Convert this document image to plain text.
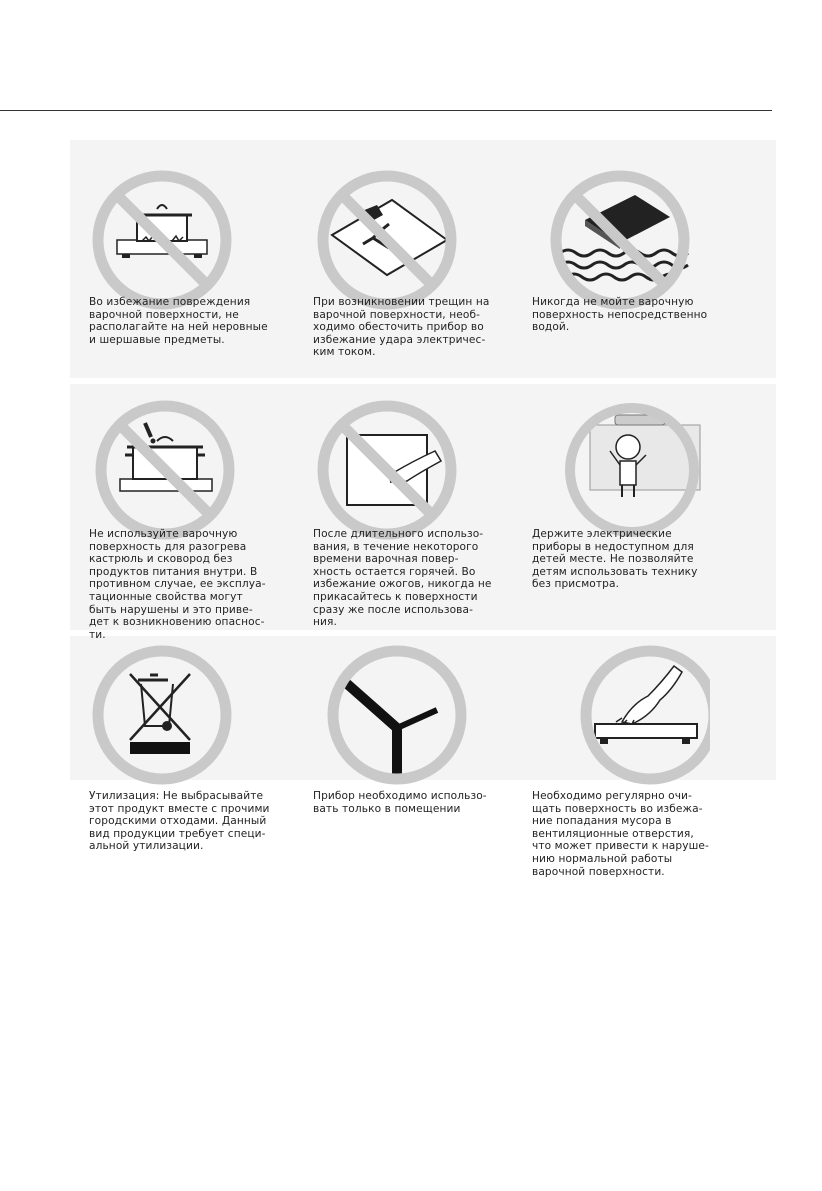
Во избежание повреждения
варочной поверхности, не
располагайте на ней неровные
и шершавые предметы.
При возникновении трещин на
варочной поверхности, необ-
ходимо обесточить прибор во
избежание удара электричес-
ким током.
Никогда не мойте варочную
поверхность непосредственно
водой.
Не используйте варочную
поверхность для разогрева
кастрюль и сковород без
продуктов питания внутри. В
противном случае, ее эксплуа-
тационные свойства могут
быть нарушены и это приве-
дет к возникновению опаснос-
ти.
После длительного использо-
вания, в течение некоторого
времени варочная повер-
хность остается горячей. Во
избежание ожогов, никогда не
прикасайтесь к поверхности
сразу же после использова-
ния.
Держите электрические
приборы в недоступном для
детей месте. Не позволяйте
детям использовать технику
без присмотра.
Утилизация: Не выбрасывайте
этот продукт вместе с прочими
городскими отходами. Данный
вид продукции требует специ-
альной утилизации.
Прибор необходимо использо-
вать только в помещении
Необходимо регулярно очи-
щать поверхность во избежа-
ние попадания мусора в
вентиляционные отверстия,
что может привести к наруше-
нию нормальной работы
варочной поверхности.
